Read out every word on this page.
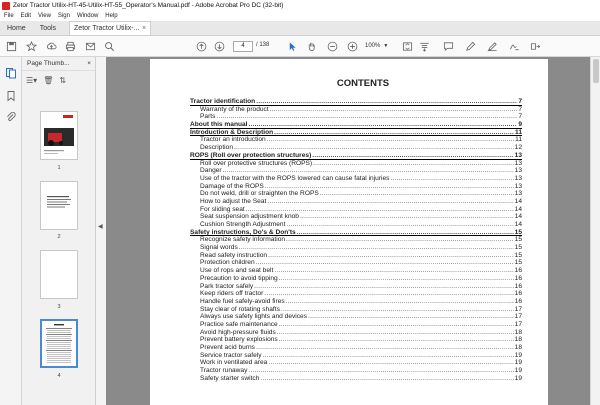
Zetor Tractor Utilix-HT-45-Utilix-HT-55_Operator's Manual.pdf - Adobe Acrobat Pro DC (32-bit)
File Edit View Sign Window Help
Home	Tools	Zetor Tractor Utilix-... ×
4	/ 138	100% ▼
Page Thumb...	×
☰▾ 🗑 ⇅
1
2
3
4
◀
CONTENTS
Tractor identification .....	7
Warranty of the product .....	7
Parts .....	7
About this manual .....	9
Introduction & Description .....	11
Tractor an introduction .....	11
Description .....	12
ROPS (Roll over protection structures) .....	13
Roll over protective structures (ROPS) .....	13
Danger .....	13
Use of the tractor with the ROPS lowered can cause fatal injuries .....	13
Damage of the ROPS .....	13
Do not weld, drill or straighten the ROPS .....	13
How to adjust the Seat .....	14
For sliding seat .....	14
Seat suspension adjustment knob .....	14
Cushion Strength Adjustment .....	14
Safety instructions, Do's & Don'ts .....	15
Recognize safety information .....	15
Signal words .....	15
Read safety instruction .....	15
Protection children .....	15
Use of rops and seat belt .....	16
Precaution to avoid tipping .....	16
Park tractor safely .....	16
Keep riders off tractor .....	16
Handle fuel safely-avoid fires .....	16
Stay clear of rotating shafts .....	17
Always use safety lights and devices .....	17
Practice safe maintenance .....	17
Avoid high-pressure fluids .....	18
Prevent battery explosions .....	18
Prevent acid burns .....	18
Service tractor safely .....	19
Work in ventilated area .....	19
Tractor runaway .....	19
Safety starter switch .....	19
